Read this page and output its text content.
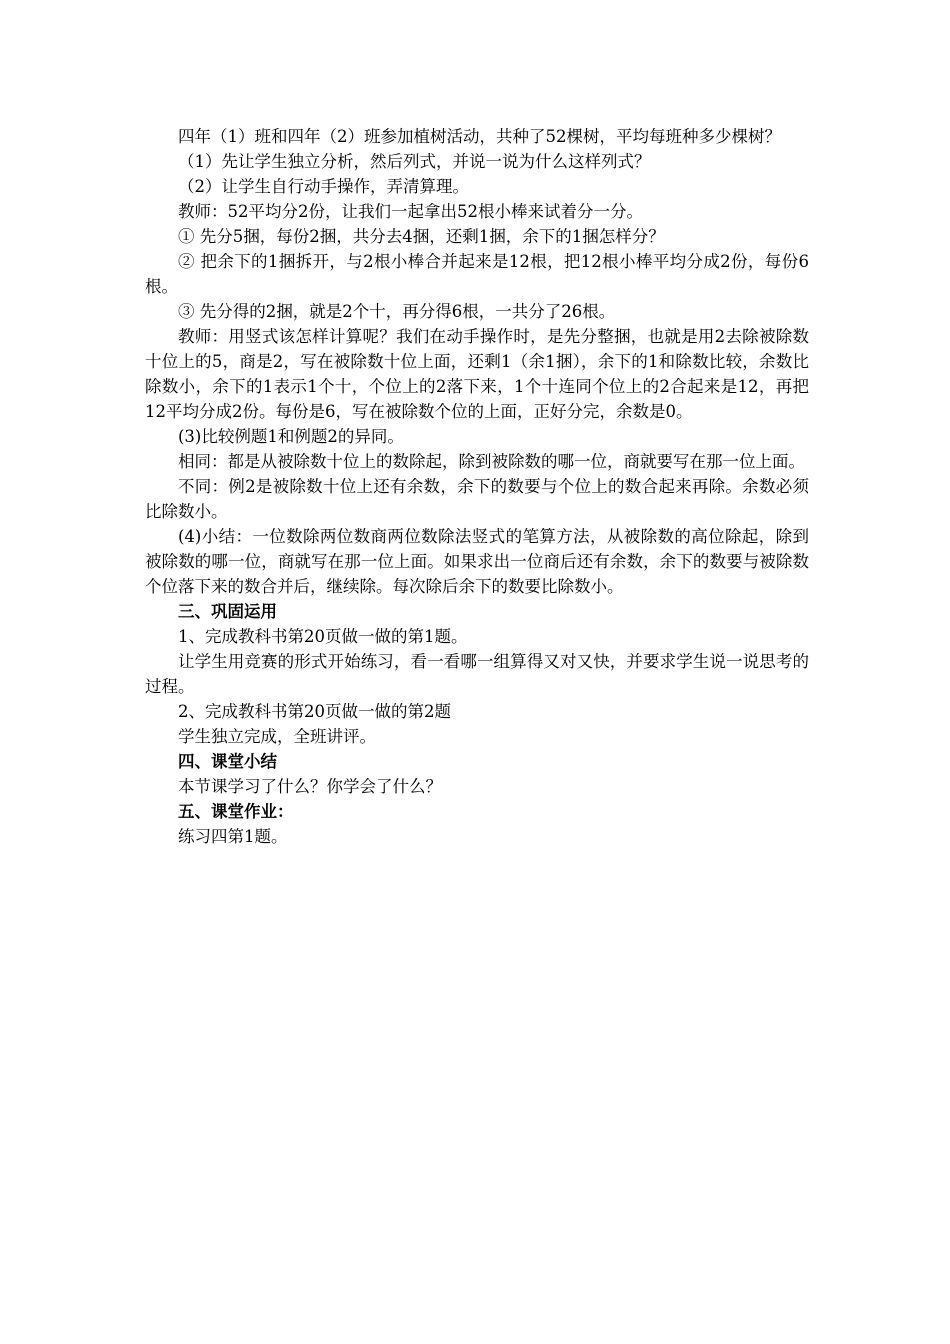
四年（1）班和四年（2）班参加植树活动，共种了52棵树，平均每班种多少棵树？

（1）先让学生独立分析，然后列式，并说一说为什么这样列式？

（2）让学生自行动手操作，弄清算理。

教师：52平均分2份，让我们一起拿出52根小棒来试着分一分。

① 先分5捆，每份2捆，共分去4捆，还剩1捆，余下的1捆怎样分？

② 把余下的1捆拆开，与2根小棒合并起来是12根，把12根小棒平均分成2份，每份6根。

③ 先分得的2捆，就是2个十，再分得6根，一共分了26根。

教师：用竖式该怎样计算呢？我们在动手操作时，是先分整捆，也就是用2去除被除数十位上的5，商是2，写在被除数十位上面，还剩1（余1捆），余下的1和除数比较，余数比除数小，余下的1表示1个十，个位上的2落下来，1个十连同个位上的2合起来是12，再把12平均分成2份。每份是6，写在被除数个位的上面，正好分完，余数是0。

(3)比较例题1和例题2的异同。

相同：都是从被除数十位上的数除起，除到被除数的哪一位，商就要写在那一位上面。

不同：例2是被除数十位上还有余数，余下的数要与个位上的数合起来再除。余数必须比除数小。

(4)小结：一位数除两位数商两位数除法竖式的笔算方法，从被除数的高位除起，除到被除数的哪一位，商就写在那一位上面。如果求出一位商后还有余数，余下的数要与被除数个位落下来的数合并后，继续除。每次除后余下的数要比除数小。

三、巩固运用

1、完成教科书第20页做一做的第1题。

让学生用竞赛的形式开始练习，看一看哪一组算得又对又快，并要求学生说一说思考的过程。

2、完成教科书第20页做一做的第2题

学生独立完成，全班讲评。

四、课堂小结

本节课学习了什么？你学会了什么？

五、课堂作业：

练习四第1题。
